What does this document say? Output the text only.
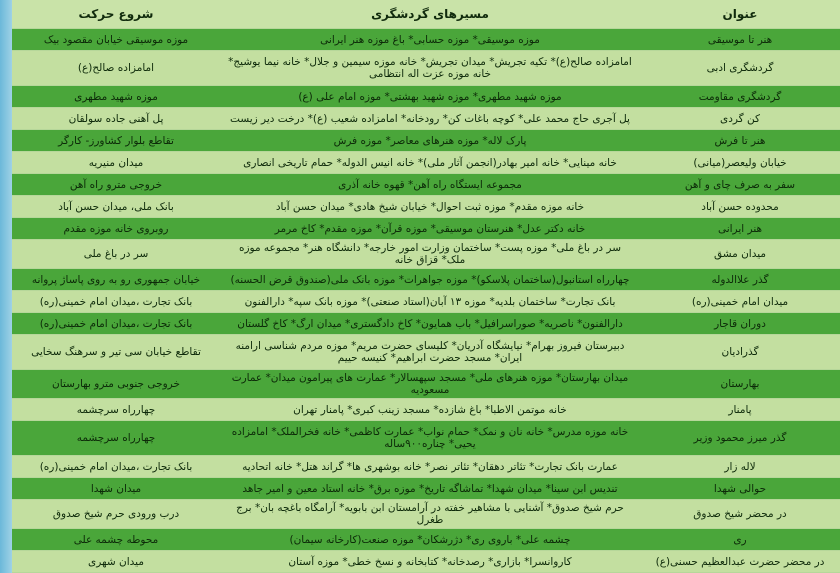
عنوان	مسیرهای گردشگری	شروع حرکت
هنر تا موسیقی	موزه موسیقی* موزه حسابی* باغ موزه هنر ایرانی	موزه موسیقی خیابان مقصود بیک
گردشگری ادبی	امامزاده صالح(ع)* تکیه تجریش* میدان تجریش* خانه موزه سیمین و جلال* خانه نیما یوشیج* خانه موزه عزت اله انتظامی	امامزاده صالح(ع)
گردشگری مقاومت	موزه شهید مطهری* موزه شهید بهشتی* موزه امام علی (ع)	موزه شهید مطهری
کن گردی	پل آجری حاج محمد علی* کوچه باغات کن* رودخانه* امامزاده شعیب (ع)* درخت دیر زیست	پل آهنی جاده سولقان
هنر تا فرش	پارک لاله* موزه هنرهای معاصر* موزه فرش	تقاطع بلوار کشاورز- کارگر
خیابان ولیعصر(میانی)	خانه مینایی* خانه امیر بهادر(انجمن آثار ملی)* خانه انیس الدوله* حمام تاریخی انصاری	میدان منیریه
سفر به صرف چای و آهن	مجموعه ایستگاه راه آهن* قهوه خانه آذری	خروجی مترو راه آهن
محدوده حسن آباد	خانه موزه مقدم* موزه ثبت احوال* خیابان شیخ هادی* میدان حسن آباد	بانک ملی، میدان حسن آباد
هنر ایرانی	خانه دکتر عدل* هنرستان موسیقی* موزه قرآن* موزه مقدم* کاخ مرمر	روبروی خانه موزه مقدم
میدان مشق	سر در باغ ملی* موزه پست* ساختمان وزارت امور خارجه* دانشگاه هنر* مجموعه موزه ملک* قزاق خانه	سر در باغ ملی
گذر علاالدوله	چهارراه استانبول(ساختمان پلاسکو)* موزه جواهرات* موزه بانک ملی(صندوق قرض الحسنه)	خیابان جمهوری رو به روی پاساژ پروانه
میدان امام خمینی(ره)	بانک تجارت* ساختمان بلدیه* موزه ۱۳ آبان(استاد صنعتی)* موزه بانک سپه* دارالفنون	بانک تجارت ،میدان امام خمینی(ره)
دوران قاجار	دارالفنون* ناصریه* صوراسرافیل* باب همایون* کاخ دادگستری* میدان ارگ* کاخ گلستان	بانک تجارت ،میدان امام خمینی(ره)
گذرادیان	دبیرستان فیروز بهرام* نیایشگاه آدریان* کلیسای حضرت مریم* موزه مردم شناسی ارامنه ایران* مسجد حضرت ابراهیم* کنیسه حییم	تقاطع خیابان سی تیر و سرهنگ سخایی
بهارستان	میدان بهارستان* موزه هنرهای ملی* مسجد سپهسالار* عمارت های پیرامون میدان* عمارت مسعودیه	خروجی جنوبی مترو بهارستان
پامنار	خانه موتمن الاطبا* باغ شازده* مسجد زینب کبری* پامنار تهران	چهارراه سرچشمه
گذر میرز محمود وزیر	خانه موزه مدرس* خانه نان و نمک* حمام نواب* عمارت کاظمی* خانه فخرالملک* امامزاده یحیی* چناره۹۰۰ساله	چهارراه سرچشمه
لاله زار	عمارت بانک تجارت* تئاتر دهقان* تئاتر نصر* خانه بوشهری ها* گراند هتل* خانه اتحادیه	بانک تجارت ،میدان امام خمینی(ره)
حوالی شهدا	تندیس ابن سینا* میدان شهدا* تماشاگه تاریخ* موزه برق* خانه استاد معین و امیر جاهد	میدان شهدا
در محضر شیخ صدوق	حرم شیخ صدوق* آشنایی با مشاهیر خفته در آرامستان ابن بابویه* آرامگاه باغچه بان* برج طغرل	درب ورودی حرم شیخ صدوق
ری	چشمه علی* باروی ری* دژرشکان* موزه صنعت(کارخانه سیمان)	محوطه چشمه علی
در محضر حضرت عبدالعظیم حسنی(ع)	کاروانسرا* بازاری* رصدخانه* کتابخانه و نسخ خطی* موزه آستان	میدان شهری
